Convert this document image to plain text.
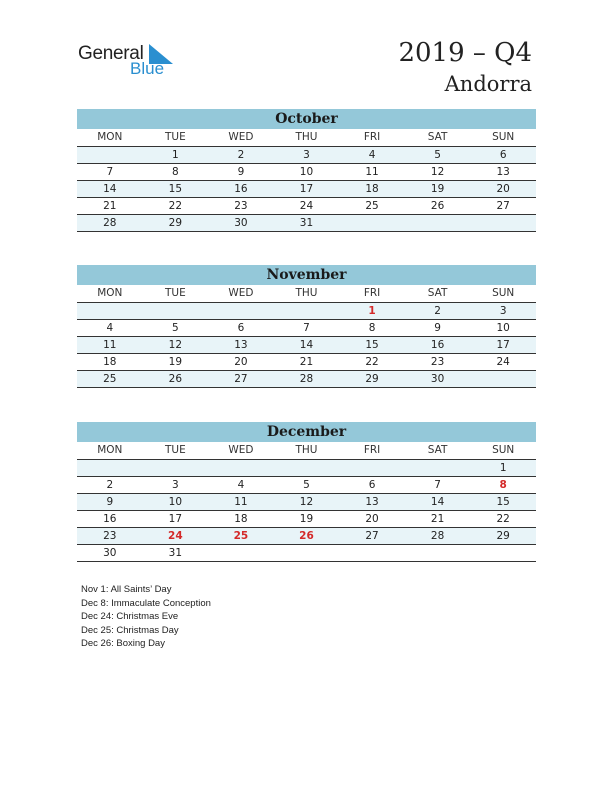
General
Blue
2019 – Q4
Andorra
October
MON	TUE	WED	THU	FRI	SAT	SUN
	1	2	3	4	5	6
7	8	9	10	11	12	13
14	15	16	17	18	19	20
21	22	23	24	25	26	27
28	29	30	31			
November
MON	TUE	WED	THU	FRI	SAT	SUN
				1	2	3
4	5	6	7	8	9	10
11	12	13	14	15	16	17
18	19	20	21	22	23	24
25	26	27	28	29	30	
December
MON	TUE	WED	THU	FRI	SAT	SUN
						1
2	3	4	5	6	7	8
9	10	11	12	13	14	15
16	17	18	19	20	21	22
23	24	25	26	27	28	29
30	31					
Nov 1: All Saints’ Day
Dec 8: Immaculate Conception
Dec 24: Christmas Eve
Dec 25: Christmas Day
Dec 26: Boxing Day
